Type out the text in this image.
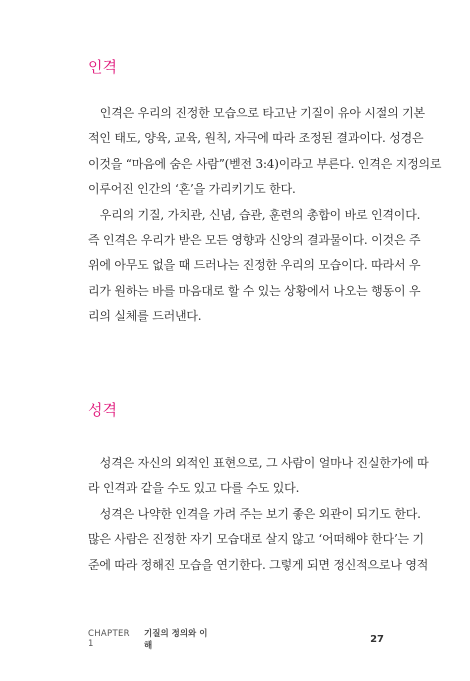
인격
　인격은 우리의 진정한 모습으로 타고난 기질이 유아 시절의 기본
적인 태도, 양육, 교육, 원칙, 자극에 따라 조정된 결과이다. 성경은
이것을 “마음에 숨은 사람”(벧전 3:4)이라고 부른다. 인격은 지정의로
이루어진 인간의 ‘혼’을 가리키기도 한다.
　우리의 기질, 가치관, 신념, 습관, 훈련의 총합이 바로 인격이다.
즉 인격은 우리가 받은 모든 영향과 신앙의 결과물이다. 이것은 주
위에 아무도 없을 때 드러나는 진정한 우리의 모습이다. 따라서 우
리가 원하는 바를 마음대로 할 수 있는 상황에서 나오는 행동이 우
리의 실체를 드러낸다.
성격
　성격은 자신의 외적인 표현으로, 그 사람이 얼마나 진실한가에 따
라 인격과 같을 수도 있고 다를 수도 있다.
　성격은 나약한 인격을 가려 주는 보기 좋은 외관이 되기도 한다.
많은 사람은 진정한 자기 모습대로 살지 않고 ‘어떠해야 한다’는 기
준에 따라 정해진 모습을 연기한다. 그렇게 되면 정신적으로나 영적
CHAPTER 1
기질의 정의와 이해
27
